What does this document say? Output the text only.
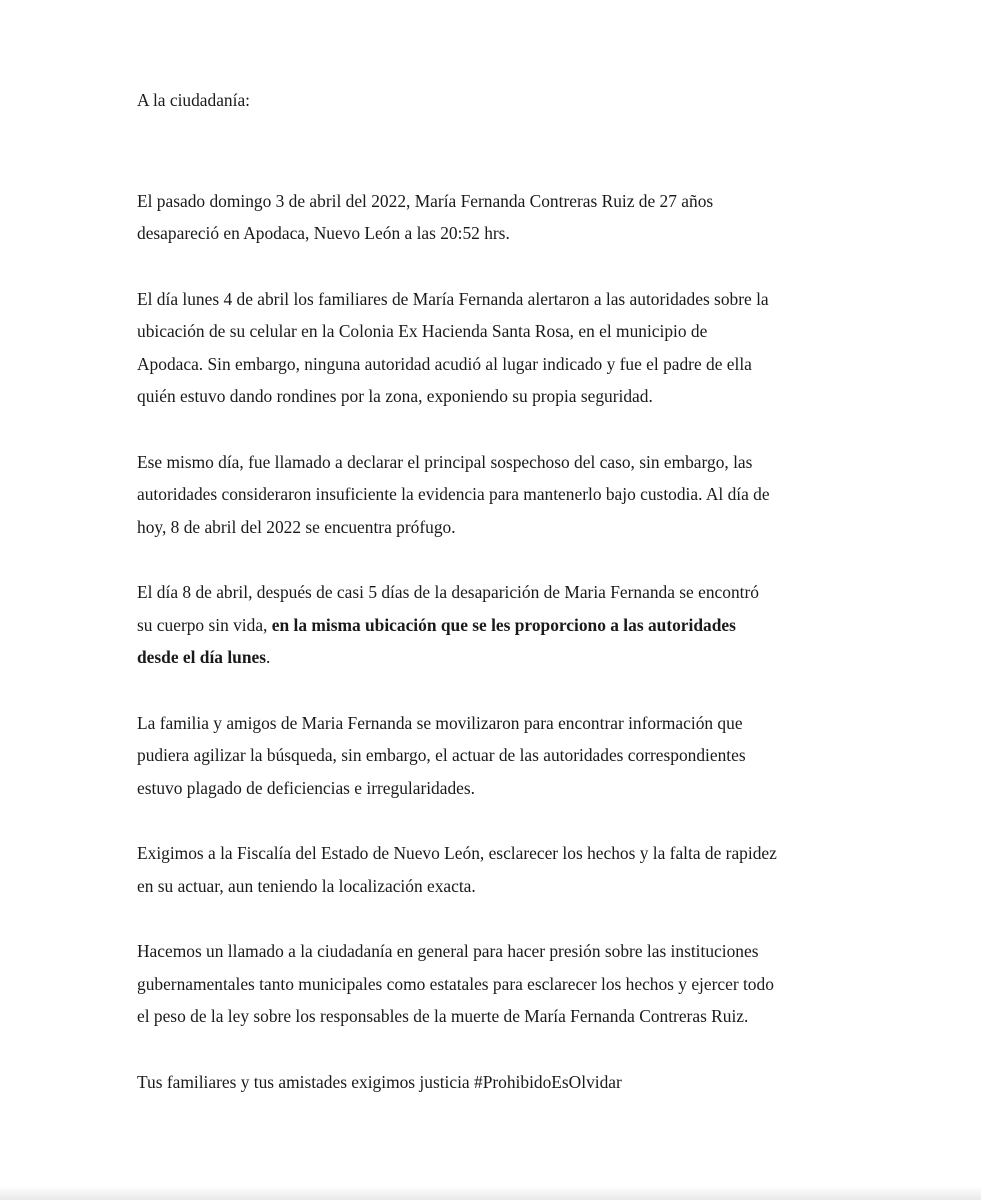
A la ciudadanía:

El pasado domingo 3 de abril del 2022, María Fernanda Contreras Ruiz de 27 años
desapareció en Apodaca, Nuevo León a las 20:52 hrs.

El día lunes 4 de abril los familiares de María Fernanda alertaron a las autoridades sobre la
ubicación de su celular en la Colonia Ex Hacienda Santa Rosa, en el municipio de
Apodaca. Sin embargo, ninguna autoridad acudió al lugar indicado y fue el padre de ella
quién estuvo dando rondines por la zona, exponiendo su propia seguridad.

Ese mismo día, fue llamado a declarar el principal sospechoso del caso, sin embargo, las
autoridades consideraron insuficiente la evidencia para mantenerlo bajo custodia. Al día de
hoy, 8 de abril del 2022 se encuentra prófugo.

El día 8 de abril, después de casi 5 días de la desaparición de Maria Fernanda se encontró
su cuerpo sin vida, en la misma ubicación que se les proporciono a las autoridades
desde el día lunes.

La familia y amigos de Maria Fernanda se movilizaron para encontrar información que
pudiera agilizar la búsqueda, sin embargo, el actuar de las autoridades correspondientes
estuvo plagado de deficiencias e irregularidades.

Exigimos a la Fiscalía del Estado de Nuevo León, esclarecer los hechos y la falta de rapidez
en su actuar, aun teniendo la localización exacta.

Hacemos un llamado a la ciudadanía en general para hacer presión sobre las instituciones
gubernamentales tanto municipales como estatales para esclarecer los hechos y ejercer todo
el peso de la ley sobre los responsables de la muerte de María Fernanda Contreras Ruiz.

Tus familiares y tus amistades exigimos justicia #ProhibidoEsOlvidar
